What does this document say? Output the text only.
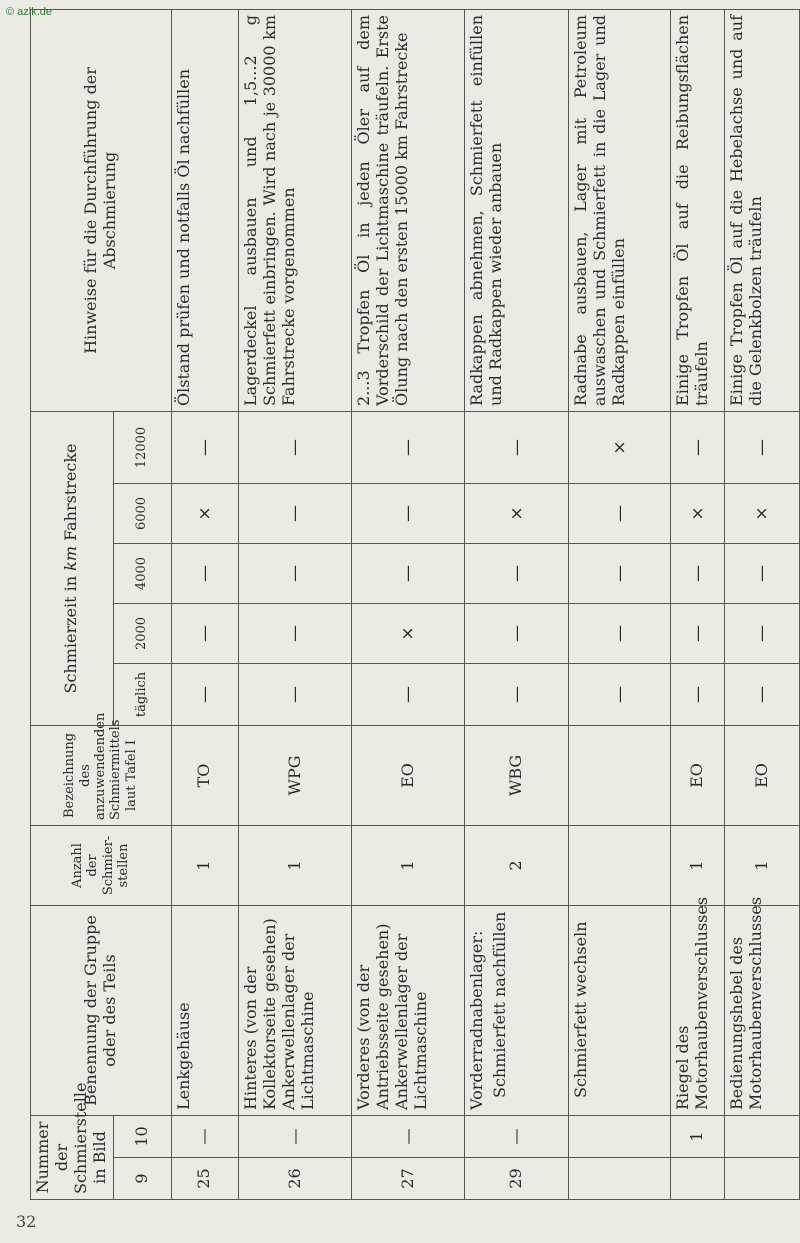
© azlk.de
Nummer der Schmierstelle in Bild		Benennung der Gruppe oder des Teils	Anzahl der Schmier-stellen	Bezeichnung des anzuwendenden Schmiermittels laut Tafel I	Schmierzeit in km Fahrstrecke					Hinweise für die Durchführung der Abschmierung
9	10				täglich	2000	4000	6000	12000	
25	—	Lenkgehäuse	1	TO	—	—	—	×	—	Ölstand prüfen und notfalls Öl nachfüllen
26	—	Hinteres (von der Kollektorseite gesehen) Ankerwellenlager der Lichtmaschine	1	WPG	—	—	—	—	—	Lagerdeckel ausbauen und 1,5...2 g Schmierfett einbringen. Wird nach je 30000 km Fahrstrecke vorgenommen
27	—	Vorderes (von der Antriebsseite gesehen) Ankerwellenlager der Lichtmaschine	1	EO	—	×	—	—	—	2...3 Tropfen Öl in jeden Öler auf dem Vorderschild der Lichtmaschine träufeln. Erste Ölung nach den ersten 15000 km Fahrstrecke
29	—	Vorderradnabenlager: Schmierfett nachfüllen	2	WBG	—	—	—	×	—	Radkappen abnehmen, Schmierfett einfüllen und Radkappen wieder anbauen

		Schmierfett wechseln			—	—	—	—	×	Radnabe ausbauen, Lager mit Petroleum auswaschen und Schmierfett in die Lager und Radkappen einfüllen
	1	Riegel des Motorhaubenverschlusses	1	EO	—	—	—	×	—	Einige Tropfen Öl auf die Reibungsflächen träufeln
		Bedienungshebel des Motorhaubenverschlusses	1	EO	—	—	—	×	—	Einige Tropfen Öl auf die Hebelachse und auf die Gelenkbolzen träufeln
32
